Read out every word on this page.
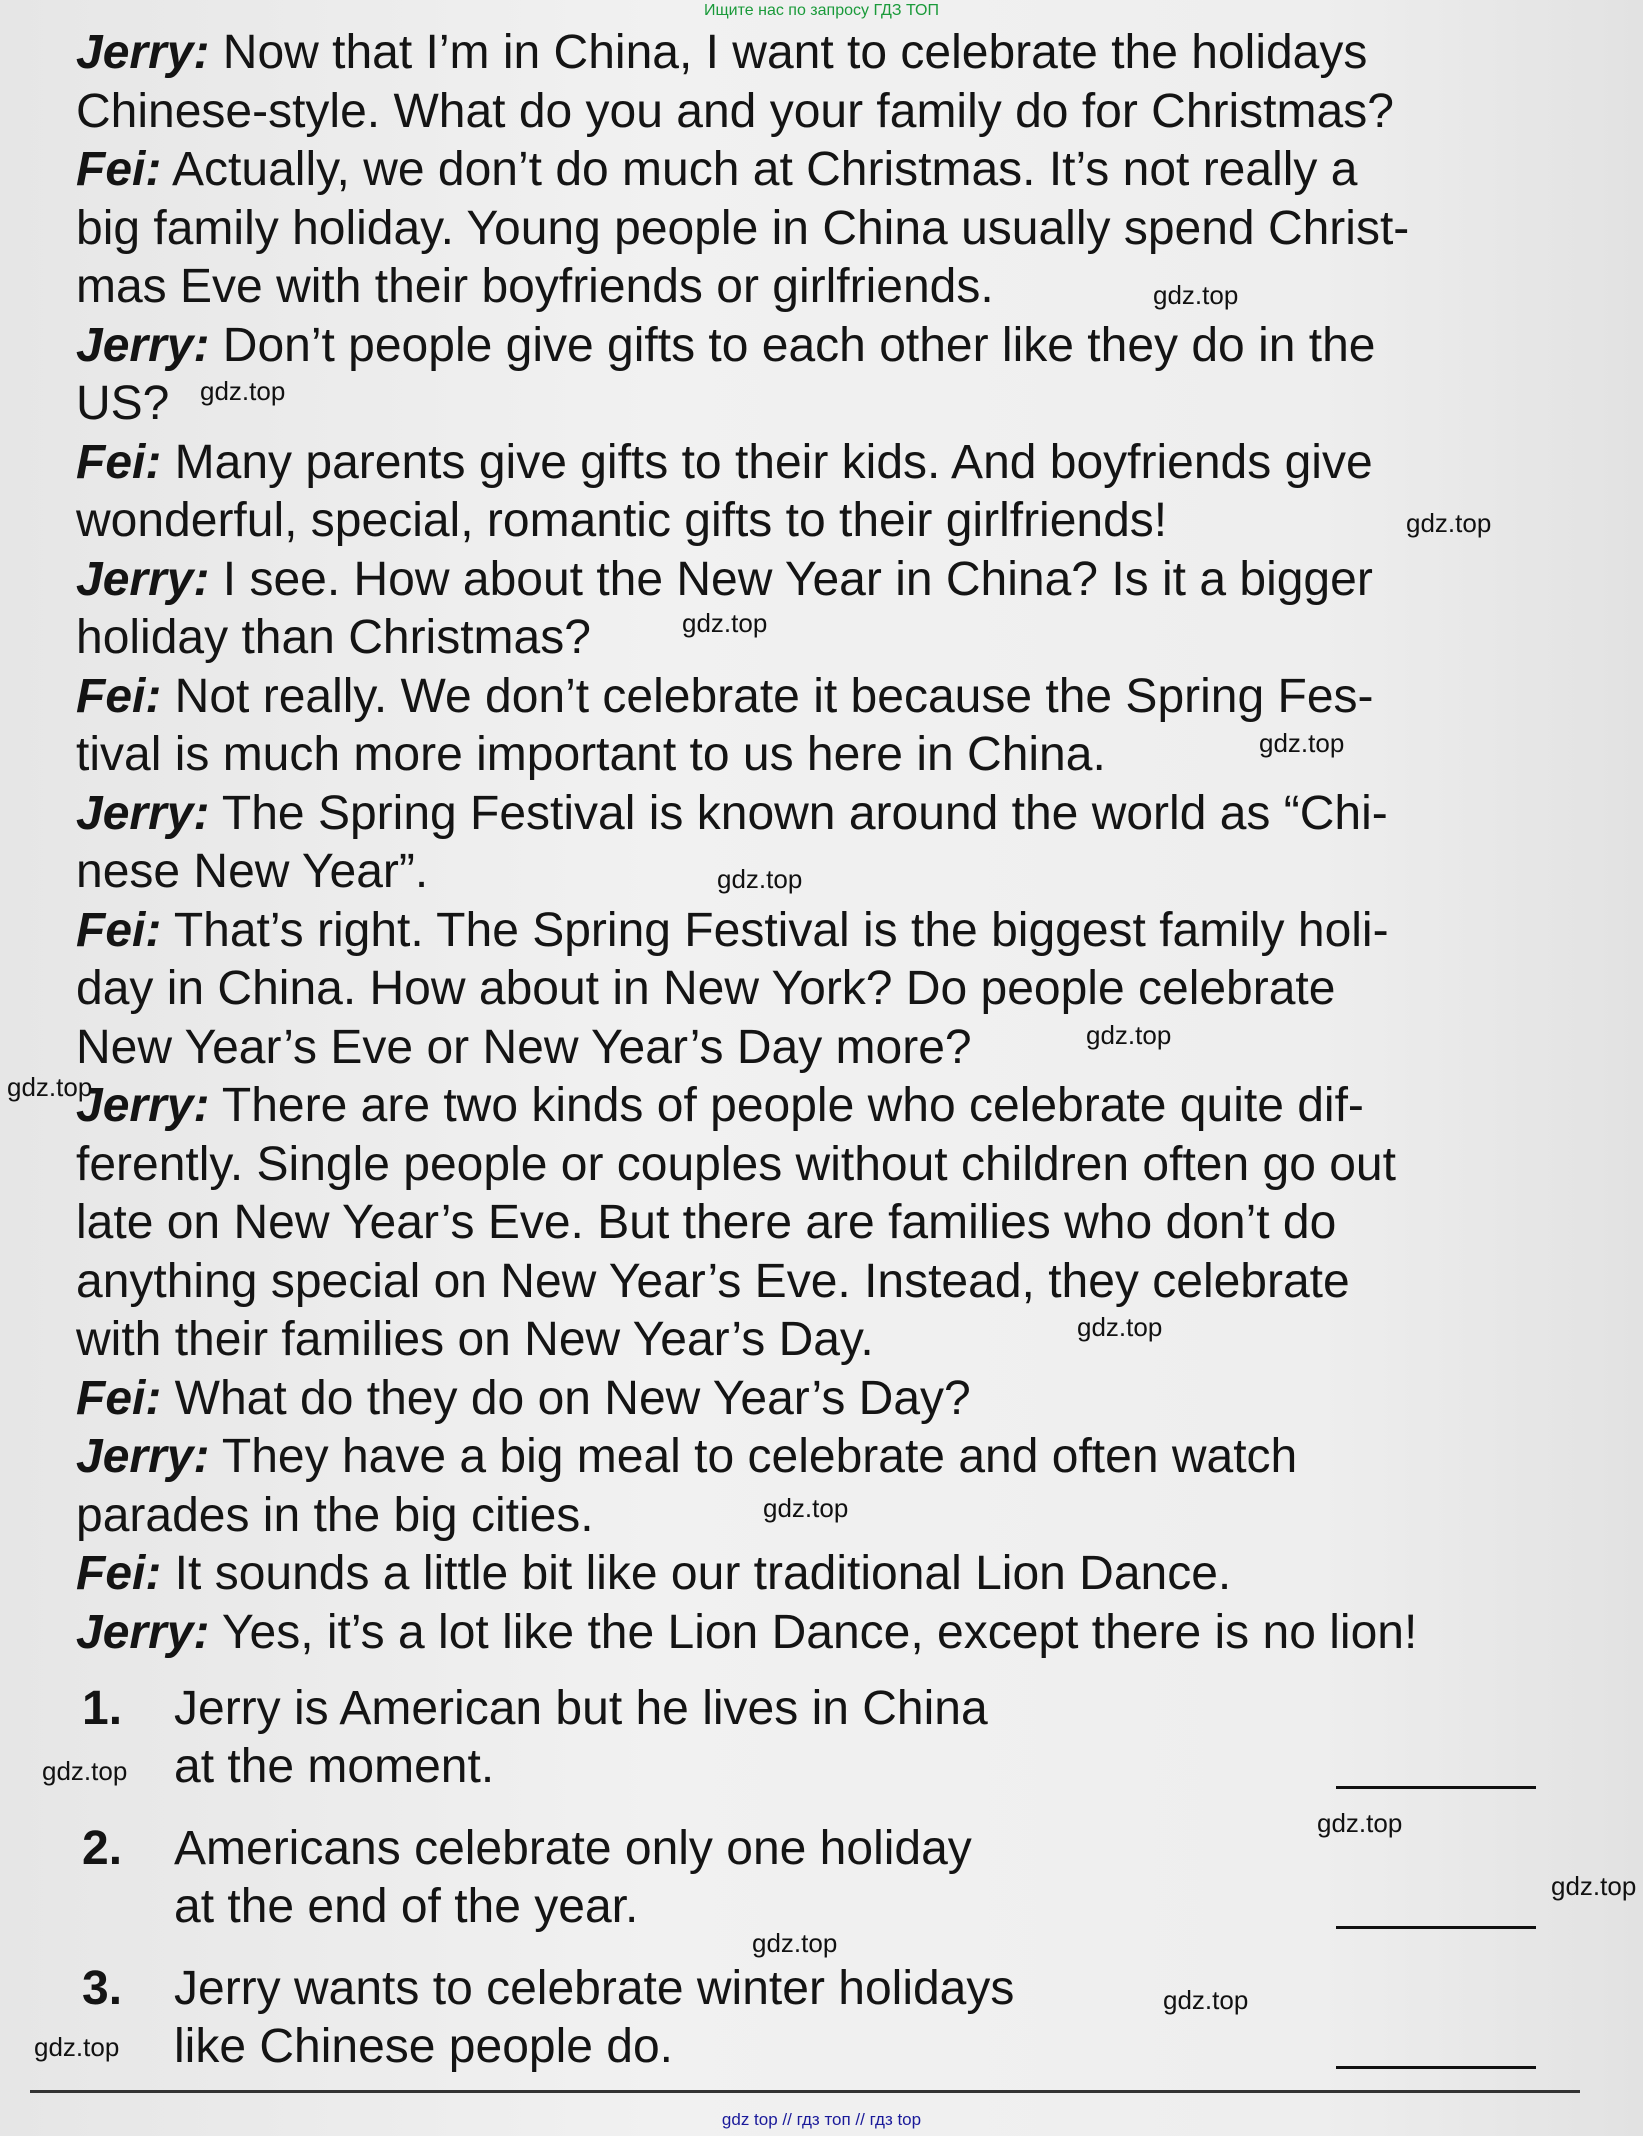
Ищите нас по запросу ГДЗ ТОП
Jerry: Now that I’m in China, I want to celebrate the holidays
Chinese-style. What do you and your family do for Christmas?
Fei: Actually, we don’t do much at Christmas. It’s not really a
big family holiday. Young people in China usually spend Christ-
mas Eve with their boyfriends or girlfriends.
Jerry: Don’t people give gifts to each other like they do in the
US?
Fei: Many parents give gifts to their kids. And boyfriends give
wonderful, special, romantic gifts to their girlfriends!
Jerry: I see. How about the New Year in China? Is it a bigger
holiday than Christmas?
Fei: Not really. We don’t celebrate it because the Spring Fes-
tival is much more important to us here in China.
Jerry: The Spring Festival is known around the world as “Chi-
nese New Year”.
Fei: That’s right. The Spring Festival is the biggest family holi-
day in China. How about in New York? Do people celebrate
New Year’s Eve or New Year’s Day more?
Jerry: There are two kinds of people who celebrate quite dif-
ferently. Single people or couples without children often go out
late on New Year’s Eve. But there are families who don’t do
anything special on New Year’s Eve. Instead, they celebrate
with their families on New Year’s Day.
Fei: What do they do on New Year’s Day?
Jerry: They have a big meal to celebrate and often watch
parades in the big cities.
Fei: It sounds a little bit like our traditional Lion Dance.
Jerry: Yes, it’s a lot like the Lion Dance, except there is no lion!
1. Jerry is American but he lives in China
at the moment.
2. Americans celebrate only one holiday
at the end of the year.
3. Jerry wants to celebrate winter holidays
like Chinese people do.
gdz.top
gdz.top
gdz.top
gdz.top
gdz.top
gdz.top
gdz.top
gdz.top
gdz.top
gdz.top
gdz.top
gdz.top
gdz.top
gdz.top
gdz.top
gdz.top
gdz top // гдз топ // гдз top
